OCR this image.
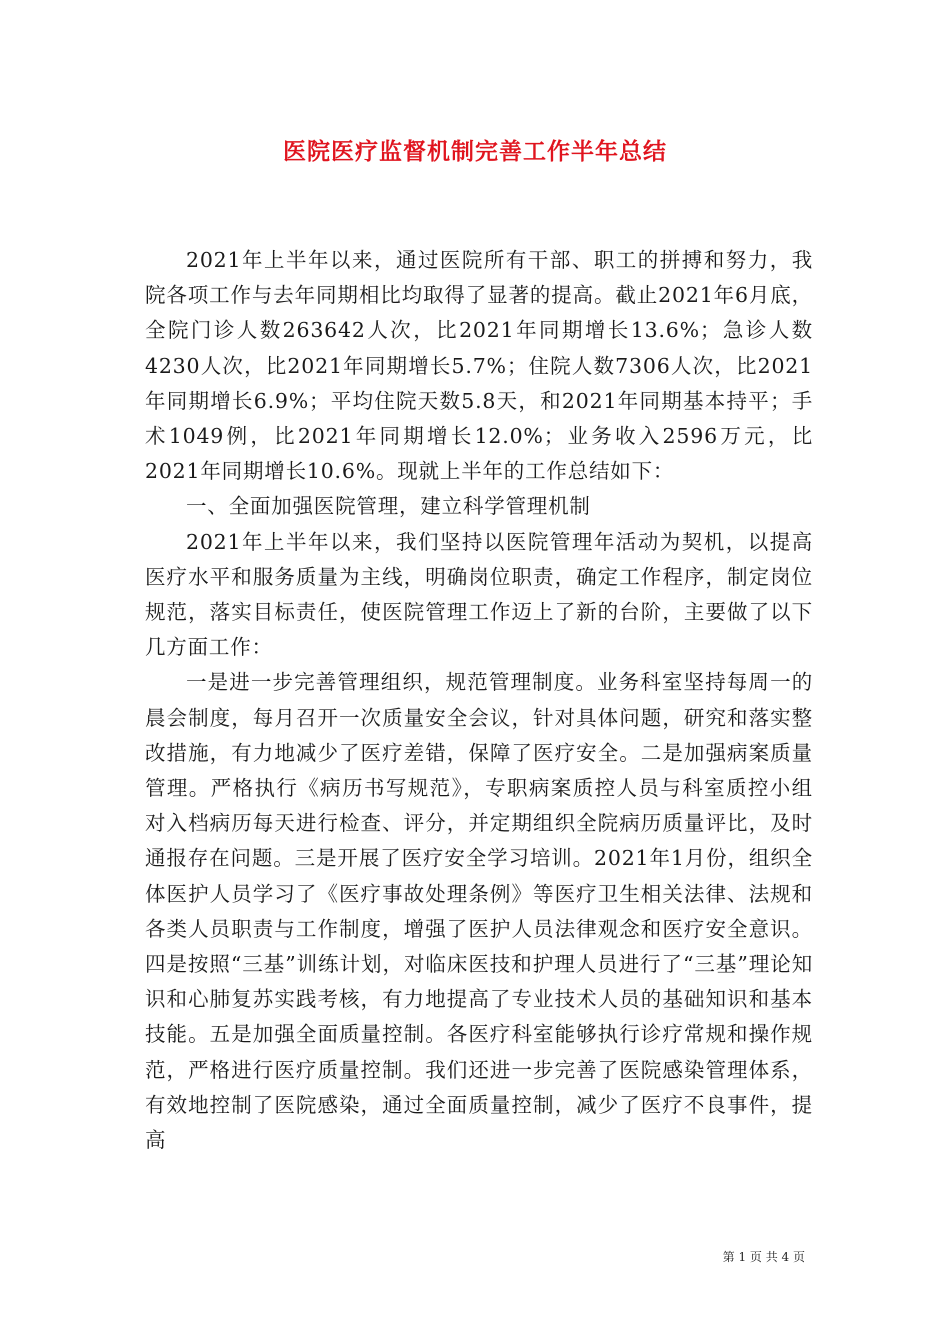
医院医疗监督机制完善工作半年总结

2021年上半年以来，通过医院所有干部、职工的拼搏和努力，我院各项工作与去年同期相比均取得了显著的提高。截止2021年6月底，全院门诊人数263642人次，比2021年同期增长13.6%；急诊人数4230人次，比2021年同期增长5.7%；住院人数7306人次，比2021年同期增长6.9%；平均住院天数5.8天，和2021年同期基本持平；手术1049例，比2021年同期增长12.0%；业务收入2596万元，比2021年同期增长10.6%。现就上半年的工作总结如下：

一、全面加强医院管理，建立科学管理机制

2021年上半年以来，我们坚持以医院管理年活动为契机，以提高医疗水平和服务质量为主线，明确岗位职责，确定工作程序，制定岗位规范，落实目标责任，使医院管理工作迈上了新的台阶，主要做了以下几方面工作：

一是进一步完善管理组织，规范管理制度。业务科室坚持每周一的晨会制度，每月召开一次质量安全会议，针对具体问题，研究和落实整改措施，有力地减少了医疗差错，保障了医疗安全。二是加强病案质量管理。严格执行《病历书写规范》，专职病案质控人员与科室质控小组对入档病历每天进行检查、评分，并定期组织全院病历质量评比，及时通报存在问题。三是开展了医疗安全学习培训。2021年1月份，组织全体医护人员学习了《医疗事故处理条例》等医疗卫生相关法律、法规和各类人员职责与工作制度，增强了医护人员法律观念和医疗安全意识。四是按照“三基”训练计划，对临床医技和护理人员进行了“三基”理论知识和心肺复苏实践考核，有力地提高了专业技术人员的基础知识和基本技能。五是加强全面质量控制。各医疗科室能够执行诊疗常规和操作规范，严格进行医疗质量控制。我们还进一步完善了医院感染管理体系，有效地控制了医院感染，通过全面质量控制，减少了医疗不良事件，提高

第 1 页 共 4 页
